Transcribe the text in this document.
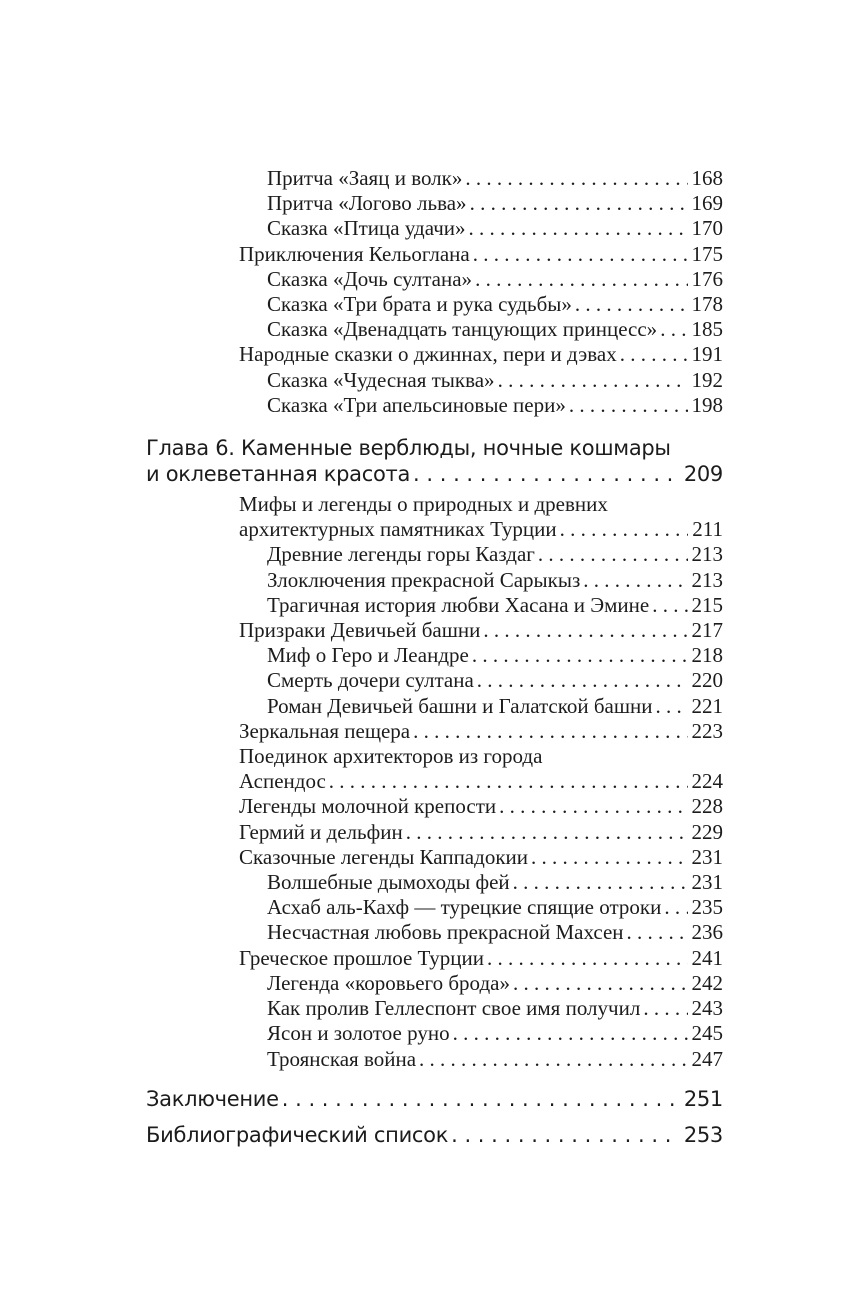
Притча «Заяц и волк» . . .	168
Притча «Логово льва» . . .	169
Сказка «Птица удачи» . . .	170
Приключения Кельоглана . . .	175
Сказка «Дочь султана» . . .	176
Сказка «Три брата и рука судьбы» . . .	178
Сказка «Двенадцать танцующих принцесс» . . . 185
Народные сказки о джиннах, пери и дэвах . . .	191
Сказка «Чудесная тыква» . . .	192
Сказка «Три апельсиновые пери» . . .	198
Глава 6. Каменные верблюды, ночные кошмары
и оклеветанная красота . . .	209
Мифы и легенды о природных и древних
архитектурных памятниках Турции . . .	211
Древние легенды горы Каздаг . . .	213
Злоключения прекрасной Сарыкыз . . .	213
Трагичная история любви Хасана и Эмине . . . 215
Призраки Девичьей башни . . .	217
Миф о Геро и Леандре . . .	218
Смерть дочери султана . . .	220
Роман Девичьей башни и Галатской башни . . . 221
Зеркальная пещера . . .	223
Поединок архитекторов из города
Аспендос . . .	224
Легенды молочной крепости . . .	228
Гермий и дельфин . . .	229
Сказочные легенды Каппадокии . . .	231
Волшебные дымоходы фей . . .	231
Асхаб аль-Кахф — турецкие спящие отроки . . . 235
Несчастная любовь прекрасной Махсен . . .	236
Греческое прошлое Турции . . .	241
Легенда «коровьего брода» . . .	242
Как пролив Геллеспонт свое имя получил . . . 243
Ясон и золотое руно . . .	245
Троянская война . . .	247
Заключение . . .	251
Библиографический список . . .	253
